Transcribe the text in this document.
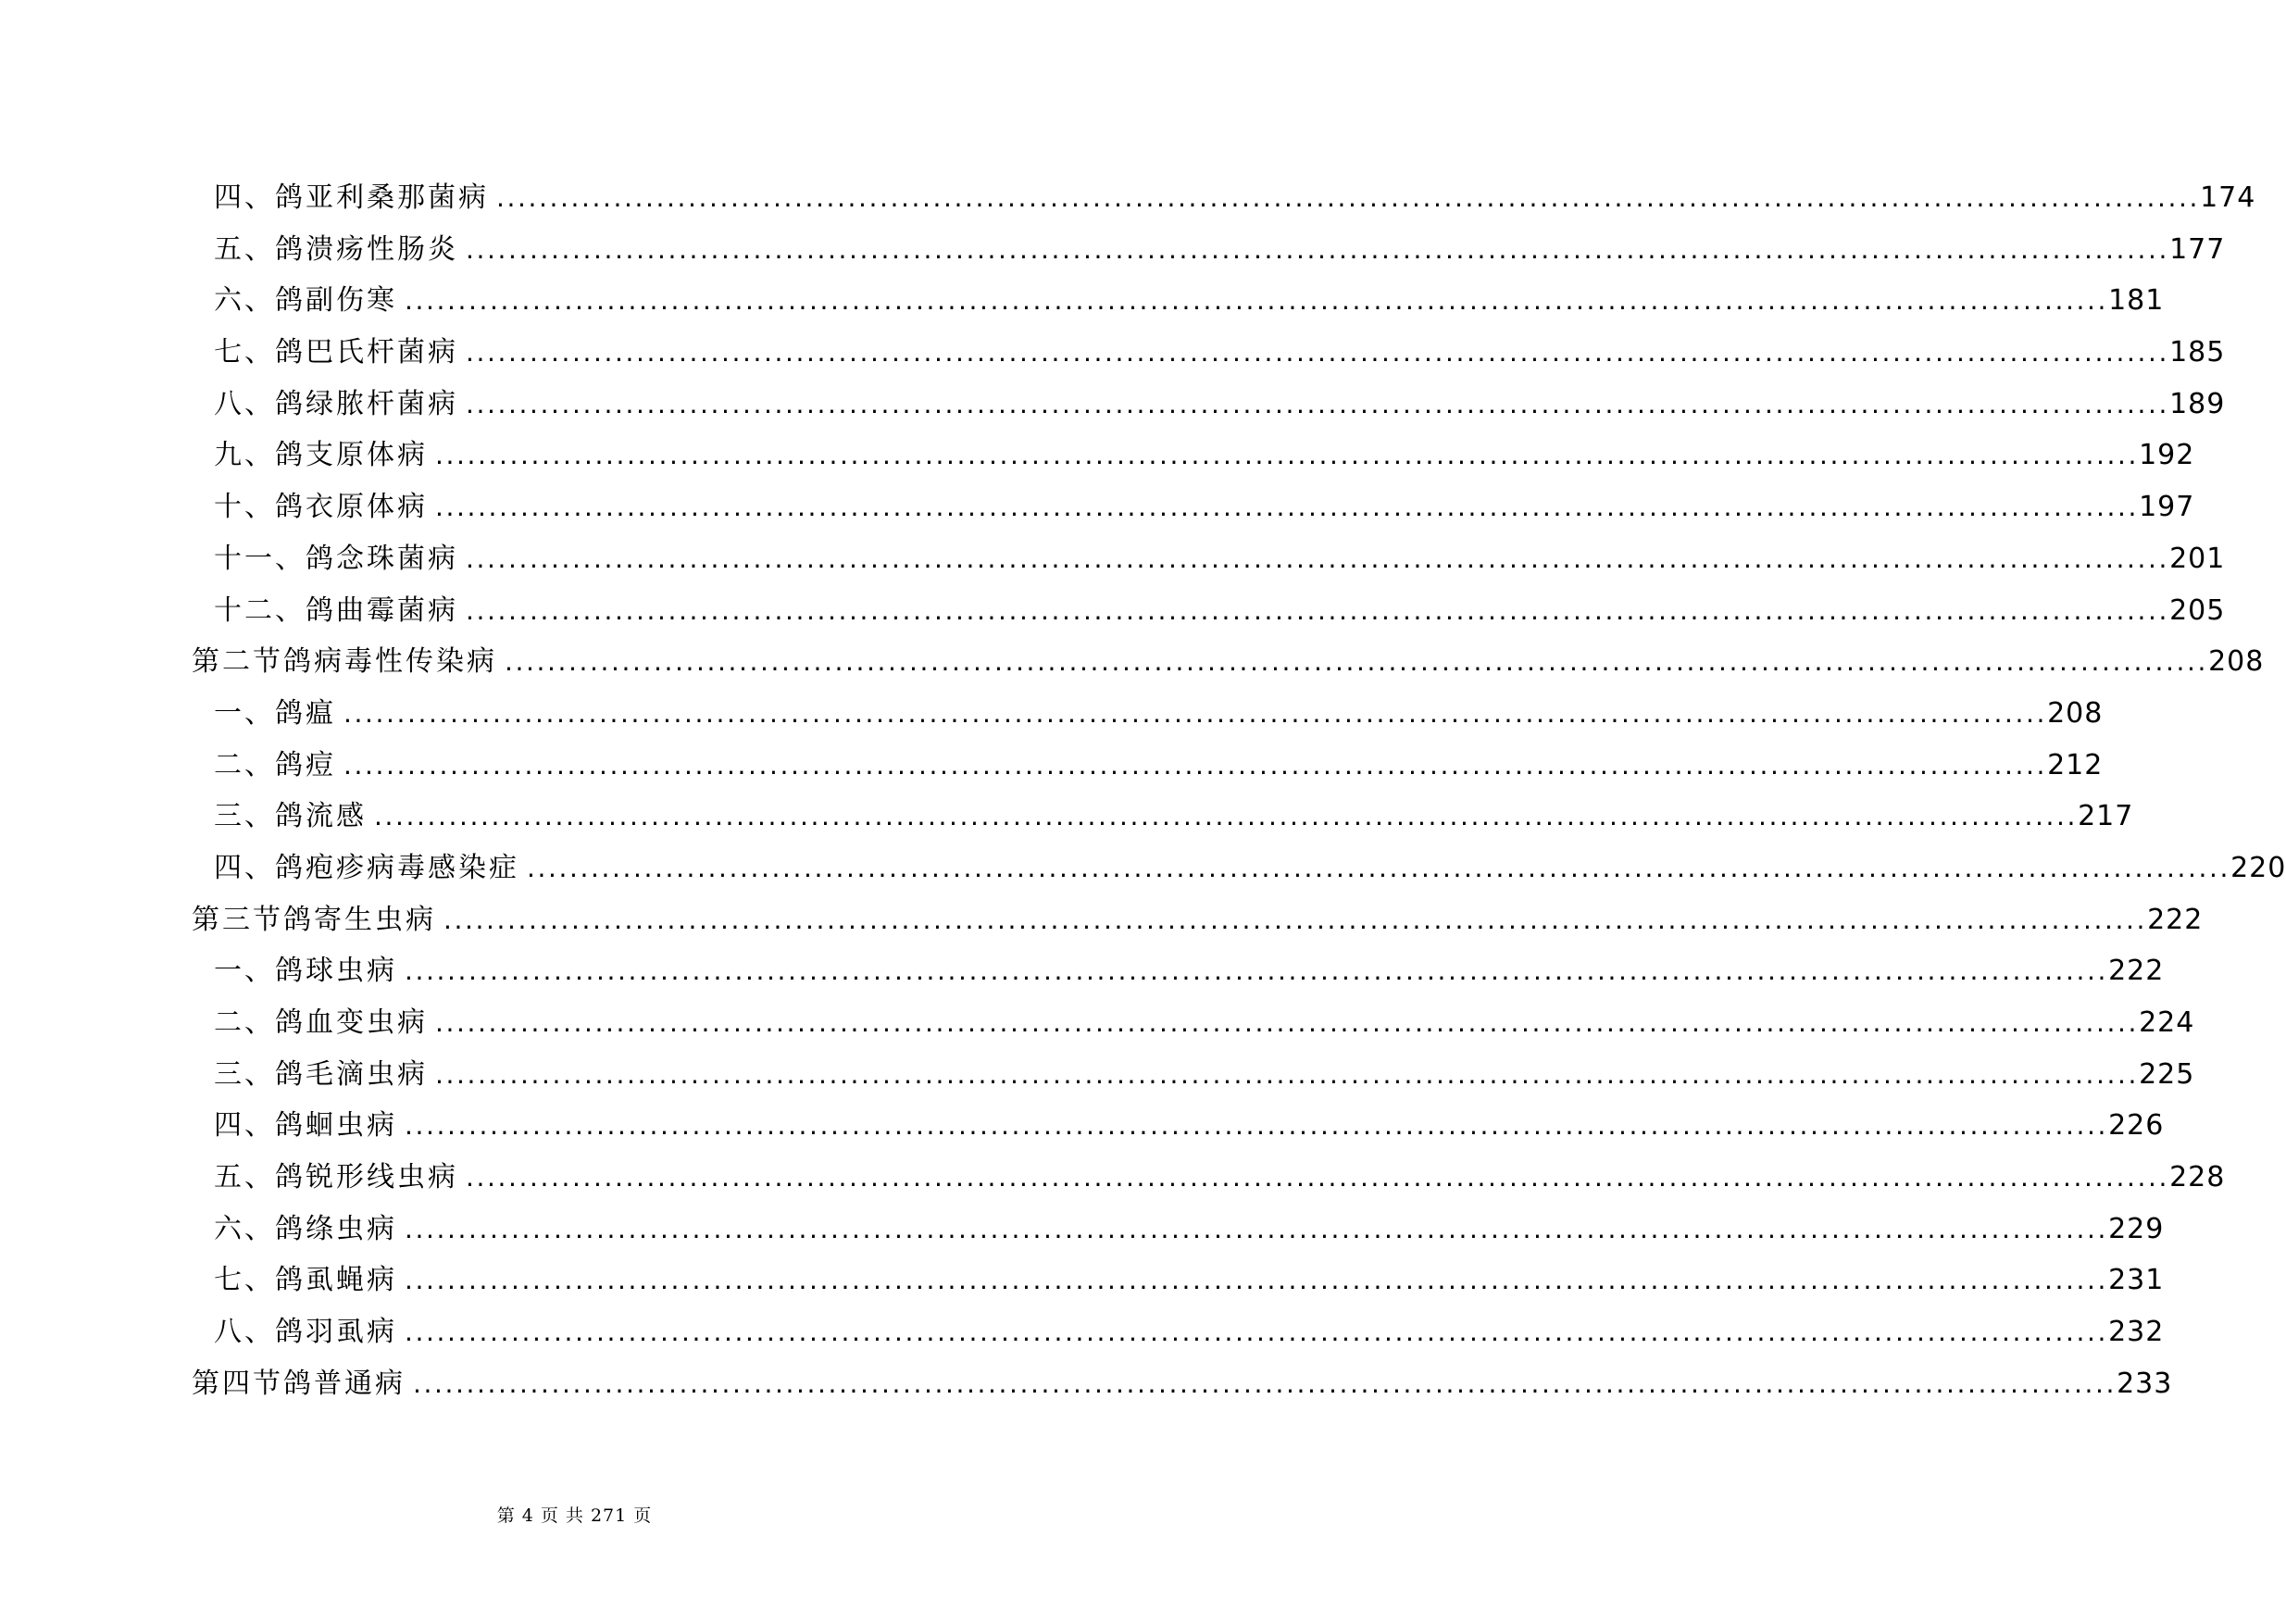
四、鸽亚利桑那菌病 ................................................................................................................................................................ 174
五、鸽溃疡性肠炎 ................................................................................................................................................................ 177
六、鸽副伤寒 ................................................................................................................................................................ 181
七、鸽巴氏杆菌病 ................................................................................................................................................................ 185
八、鸽绿脓杆菌病 ................................................................................................................................................................ 189
九、鸽支原体病 ................................................................................................................................................................ 192
十、鸽衣原体病 ................................................................................................................................................................ 197
十一、鸽念珠菌病 ................................................................................................................................................................ 201
十二、鸽曲霉菌病 ................................................................................................................................................................ 205
第二节鸽病毒性传染病 ................................................................................................................................................................ 208
一、鸽瘟 ................................................................................................................................................................ 208
二、鸽痘 ................................................................................................................................................................ 212
三、鸽流感 ................................................................................................................................................................ 217
四、鸽疱疹病毒感染症 ................................................................................................................................................................ 220
第三节鸽寄生虫病 ................................................................................................................................................................ 222
一、鸽球虫病 ................................................................................................................................................................ 222
二、鸽血变虫病 ................................................................................................................................................................ 224
三、鸽毛滴虫病 ................................................................................................................................................................ 225
四、鸽蛔虫病 ................................................................................................................................................................ 226
五、鸽锐形线虫病 ................................................................................................................................................................ 228
六、鸽绦虫病 ................................................................................................................................................................ 229
七、鸽虱蝇病 ................................................................................................................................................................ 231
八、鸽羽虱病 ................................................................................................................................................................ 232
第四节鸽普通病 ................................................................................................................................................................ 233
第 4 页 共 271 页
